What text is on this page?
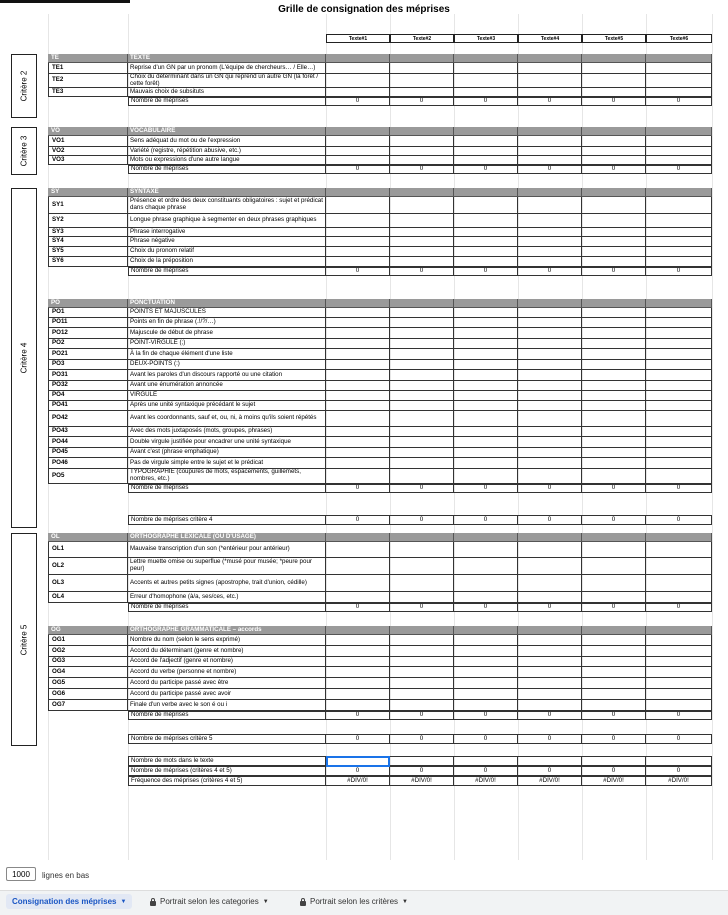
Grille de consignation des méprises
Texte#1	Texte#2	Texte#3	Texte#4	Texte#5	Texte#6
TE	TEXTE
TE1	Reprise d'un GN par un pronom (L'équipe de chercheurs… / Elle…)
TE2	Choix du déterminant dans un GN qui reprend un autre GN (la forêt / cette forêt)
TE3	Mauvais choix de subsituts
Nombre de méprises	0	0	0	0	0	0
VO	VOCABULAIRE
VO1	Sens adéquat du mot ou de l'expression
VO2	Variété (registre, répétition abusive, etc.)
VO3	Mots ou expressions d'une autre langue
Nombre de méprises	0	0	0	0	0	0
SY	SYNTAXE
SY1	Présence et ordre des deux constituants obligatoires : sujet et prédicat dans chaque phrase
SY2	Longue phrase graphique à segmenter en deux phrases graphiques
SY3	Phrase interrogative
SY4	Phrase négative
SY5	Choix du pronom relatif
SY6	Choix de la préposition
Nombre de méprises	0	0	0	0	0	0
PO	PONCTUATION
PO1	POINTS ET MAJUSCULES
PO11	Points en fin de phrase (.!/?/…)
PO12	Majuscule de début de phrase
PO2	POINT-VIRGULE (;)
PO21	À la fin de chaque élément d'une liste
PO3	DEUX-POINTS (:)
PO31	Avant les paroles d'un discours rapporté ou une citation
PO32	Avant une énumération annoncée
PO4	VIRGULE
PO41	Après une unité syntaxique précédant le sujet
PO42	Avant les coordonnants, sauf et, ou, ni, à moins qu'ils soient répétés
PO43	Avec des mots juxtaposés (mots, groupes, phrases)
PO44	Double virgule justifiée pour encadrer une unité syntaxique
PO45	Avant c'est (phrase emphatique)
PO46	Pas de virgule simple entre le sujet et le prédicat
PO5	TYPOGRAPHIE (coupures de mots, espacements, guillemets, nombres, etc.)
Nombre de méprises	0	0	0	0	0	0
Nombre de méprises critère 4	0	0	0	0	0	0
OL	ORTHOGRAPHE LEXICALE (OU D'USAGE)
OL1	Mauvaise transcription d'un son (*entérieur pour antérieur)
OL2	Lettre muette omise ou superflue (*musé pour musée; *peure pour peur)
OL3	Accents et autres petits signes (apostrophe, trait d'union, cédille)
OL4	Erreur d'homophone (à/a, ses/ces, etc.)
Nombre de méprises	0	0	0	0	0	0
OG	ORTHOGRAPHE GRAMMATICALE – accords
OG1	Nombre du nom (selon le sens exprimé)
OG2	Accord du déterminant (genre et nombre)
OG3	Accord de l'adjectif (genre et nombre)
OG4	Accord du verbe (personne et nombre)
OG5	Accord du participe passé avec être
OG6	Accord du participe passé avec avoir
OG7	Finale d'un verbe avec le son é ou i
Nombre de méprises	0	0	0	0	0	0
Nombre de méprises critère 5	0	0	0	0	0	0
Nombre de mots dans le texte
Nombre de méprises (critères 4 et 5)	0	0	0	0	0	0
Fréquence des méprises (critères 4 et 5)	#DIV/0!	#DIV/0!	#DIV/0!	#DIV/0!	#DIV/0!	#DIV/0!
Critère 2
Critère 3
Critère 4
Critère 5
1000	lignes en bas
Consignation des méprises ▼	Portrait selon les categories ▼	Portrait selon les critères ▼
